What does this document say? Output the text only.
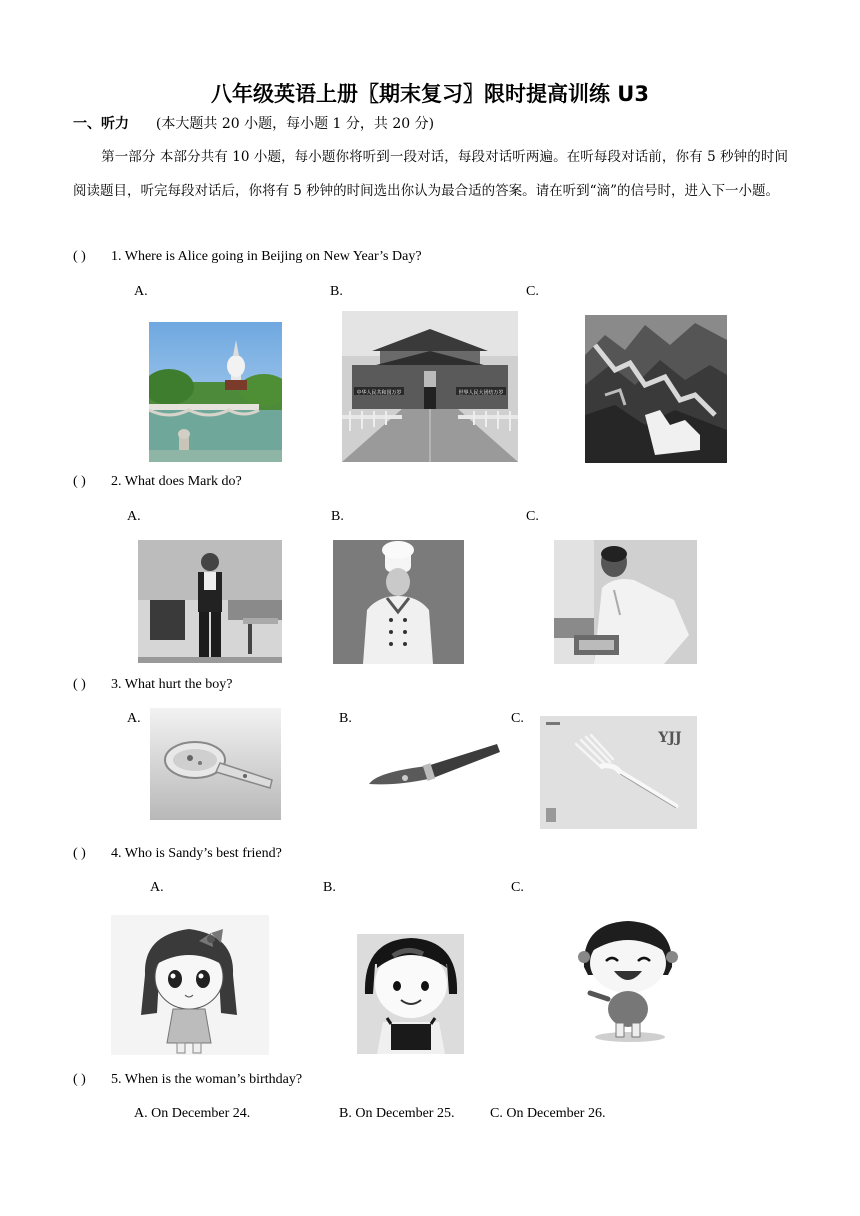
八年级英语上册〖期末复习〗限时提高训练 U3
一、听力 (本大题共 20 小题，每小题 1 分，共 20 分)
第一部分 本部分共有 10 小题，每小题你将听到一段对话，每段对话听两遍。在听每段对话前，你有 5 秒钟的时间阅读题目，听完每段对话后，你将有 5 秒钟的时间选出你认为最合适的答案。请在听到“滴”的信号时，进入下一小题。
( ) 1. Where is Alice going in Beijing on New Year’s Day?
A.	B.	C.
中华人民共和国万岁	世界人民大团结万岁
( ) 2. What does Mark do?
A.	B.	C.
( ) 3. What hurt the boy?
A.	B.	C.
YJJ
( ) 4. Who is Sandy’s best friend?
A.	B.	C.
( ) 5. When is the woman’s birthday?
A. On December 24.	B. On December 25.	C. On December 26.
